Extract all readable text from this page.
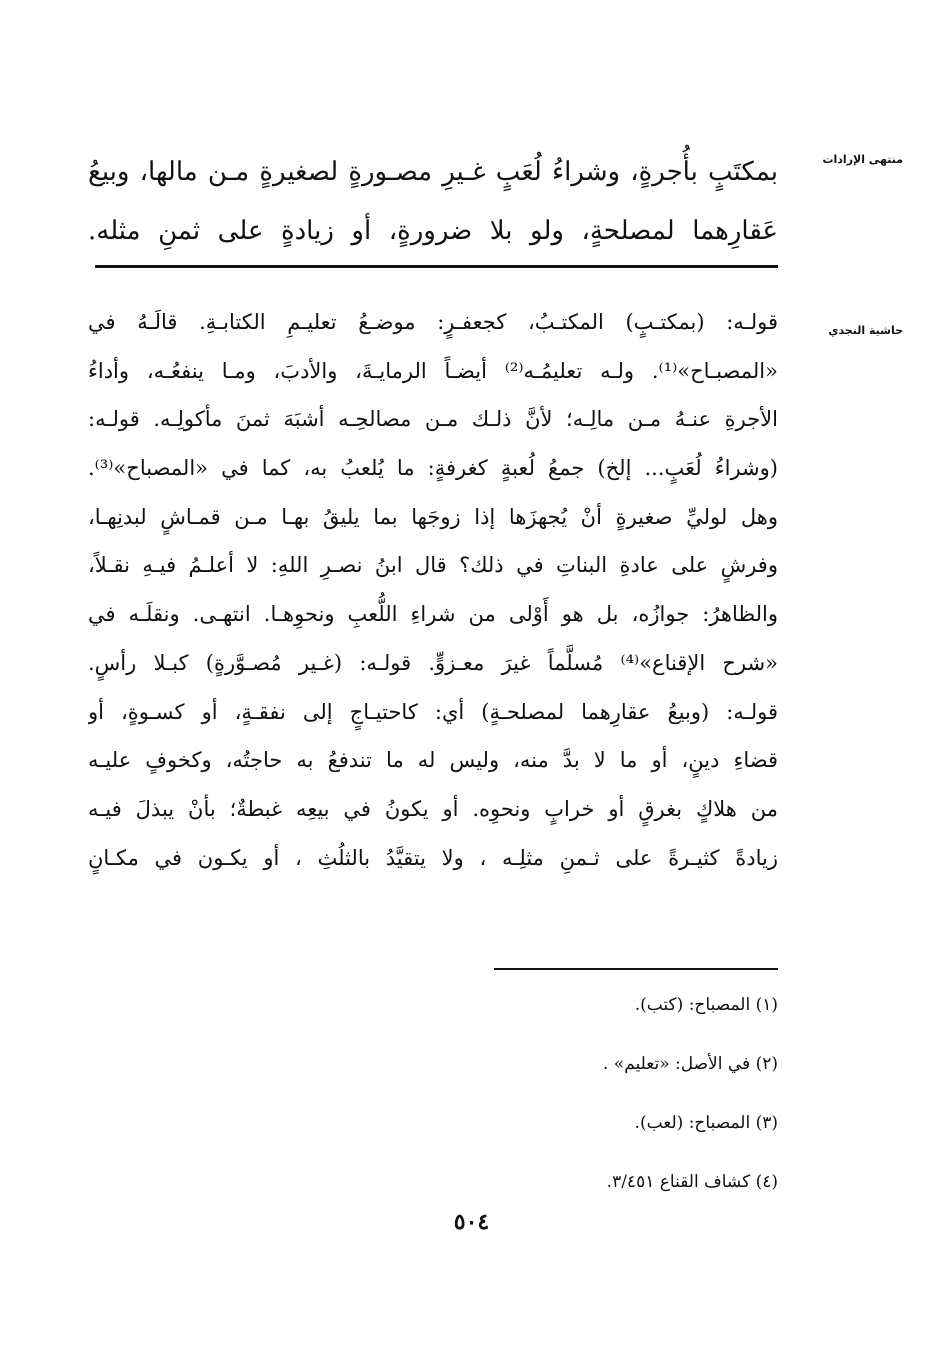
منتهى الإرادات
حاشية النجدي
بمكتَبٍ بأُجرةٍ، وشراءُ لُعَبٍ غـيرِ مصـورةٍ لصغيرةٍ مـن مالها، وبيعُ
عَقارِهما لمصلحةٍ، ولو بلا ضرورةٍ، أو زيادةٍ على ثمنِ مثله.
قولـه: (بمكتـبٍ) المكتـبُ، كجعفـرٍ: موضـعُ تعليـمِ الكتابـةِ. قالَـهُ في
«المصبـاح»⁽¹⁾. ولـه تعليمُـه⁽²⁾ أيضـاً الرمايـةَ، والأدبَ، ومـا ينفعُـه، وأداءُ
الأجرةِ عنـهُ مـن مالِـه؛ لأنَّ ذلـك مـن مصالحِـه أشبَهَ ثمنَ مأكولِـه. قولـه:
(وشراءُ لُعَبٍ... إلخ) جمعُ لُعبةٍ كغرفةٍ: ما يُلعبُ به، كما في «المصباح»⁽³⁾.
وهل لوليِّ صغيرةٍ أنْ يُجهزَها إذا زوجَها بما يليقُ بهـا مـن قمـاشٍ لبدنِهـا،
وفرشٍ على عادةِ البناتِ في ذلك؟ قال ابنُ نصـرِ اللهِ: لا أعلـمُ فيـهِ نقـلاً،
والظاهرُ: جوازُه، بل هو أَوْلى من شراءِ اللُّعبِ ونحوِهـا. انتهـى. ونقلَـه في
«شرح الإقناع»⁽⁴⁾ مُسلَّماً غيرَ معـزوٍّ. قولـه: (غـير مُصـوَّرةٍ) كبـلا رأسٍ.
قولـه: (وبيعُ عقارِهما لمصلحـةٍ) أي: كاحتيـاجٍ إلى نفقـةٍ، أو كسـوةٍ، أو
قضاءِ دينٍ، أو ما لا بدَّ منه، وليس له ما تندفعُ به حاجتُه، وكخوفٍ عليـه
من هلاكٍ بغرقٍ أو خرابٍ ونحوِه. أو يكونُ في بيعِه غبطةٌ؛ بأنْ يبذلَ فيـه
زيادةً كثيـرةً على ثـمنِ مثلِـه ، ولا يتقيَّدُ بالثلُثِ ، أو يكـون في مكـانٍ
(١) المصباح: (كتب).
(٢) في الأصل: «تعليم» .
(٣) المصباح: (لعب).
(٤) كشاف القناع ٣/٤٥١.
٥٠٤
